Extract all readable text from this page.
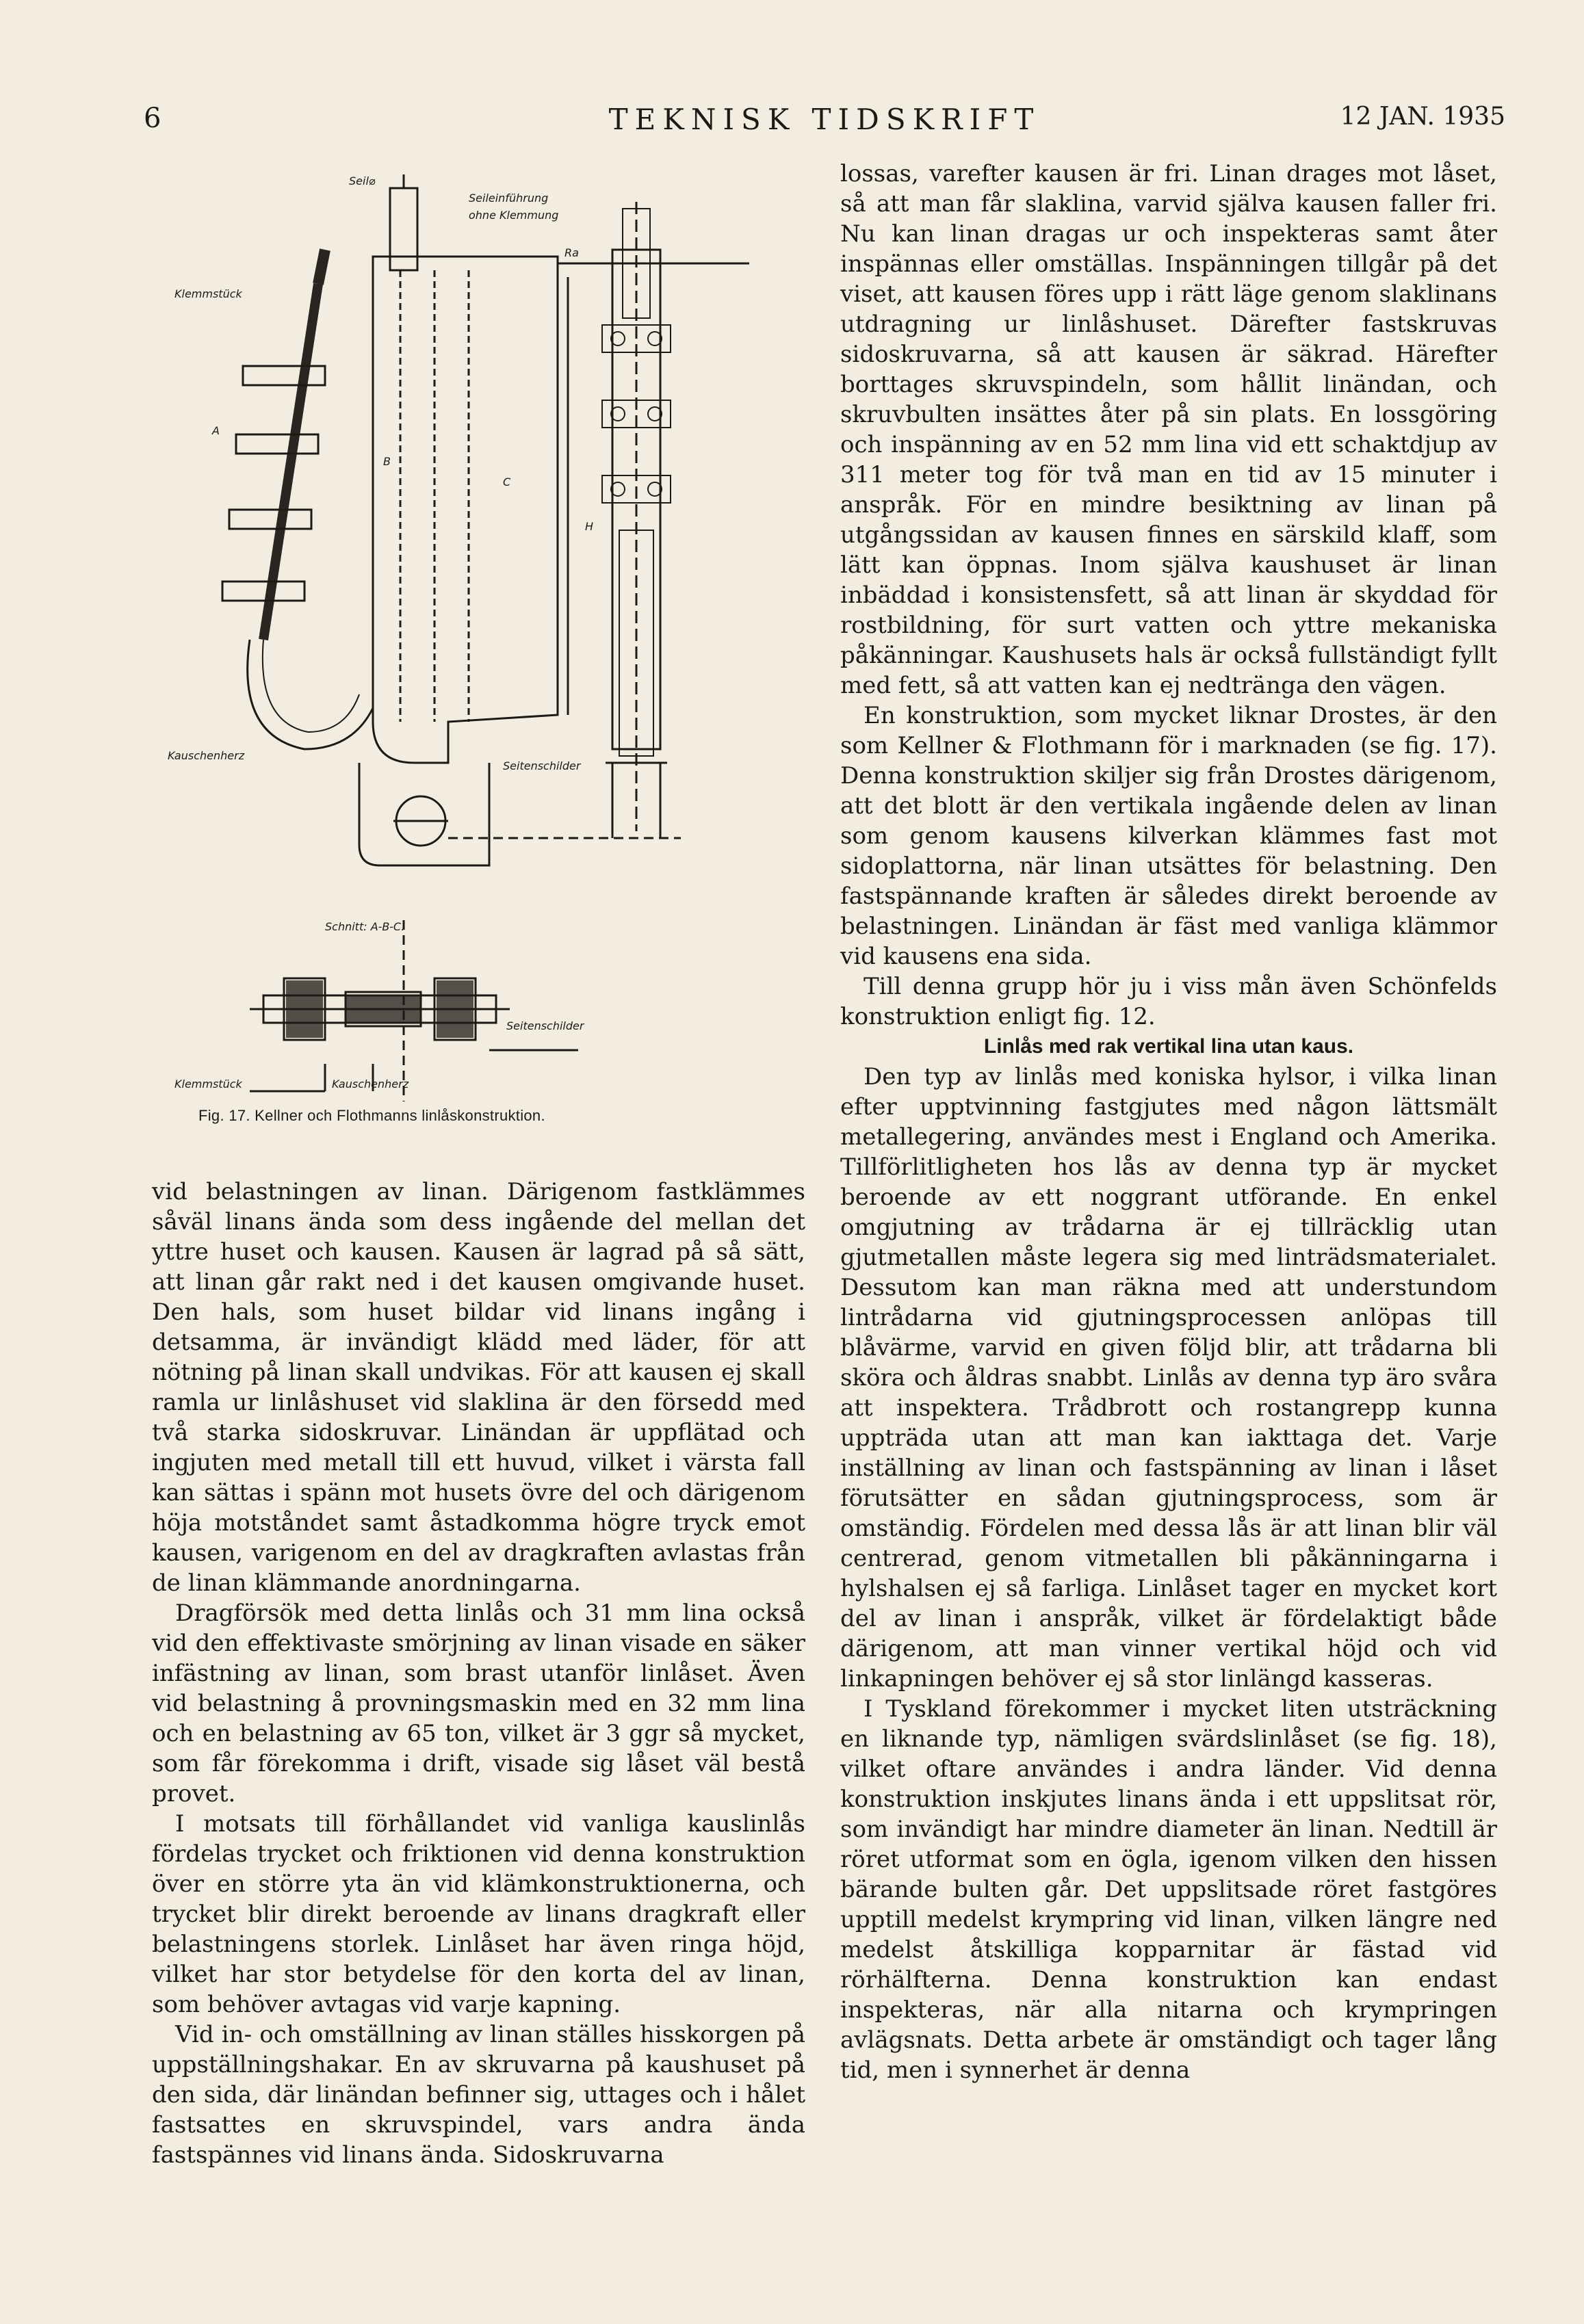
6	TEKNISK TIDSKRIFT	12 JAN. 1935
Seil⌀
Seileinführung
ohne Klemmung
Klemmstück
A
B
C
H
Ra
Kauschenherz
Seitenschilder
Schnitt: A-B-C.
Seitenschilder
Klemmstück	Kauschenherz
Fig. 17. Kellner och Flothmanns linlåskonstruktion.

vid belastningen av linan. Därigenom fastklämmes såväl linans ända som dess ingående del mellan det yttre huset och kausen. Kausen är lagrad på så sätt, att linan går rakt ned i det kausen omgivande huset. Den hals, som huset bildar vid linans ingång i detsamma, är invändigt klädd med läder, för att nötning på linan skall undvikas. För att kausen ej skall ramla ur linlåshuset vid slaklina är den försedd med två starka sidoskruvar. Linändan är uppflätad och ingjuten med metall till ett huvud, vilket i värsta fall kan sättas i spänn mot husets övre del och därigenom höja motståndet samt åstadkomma högre tryck emot kausen, varigenom en del av dragkraften avlastas från de linan klämmande anordningarna.

Dragförsök med detta linlås och 31 mm lina också vid den effektivaste smörjning av linan visade en säker infästning av linan, som brast utanför linlåset. Även vid belastning å provningsmaskin med en 32 mm lina och en belastning av 65 ton, vilket är 3 ggr så mycket, som får förekomma i drift, visade sig låset väl bestå provet.

I motsats till förhållandet vid vanliga kauslinlås fördelas trycket och friktionen vid denna konstruktion över en större yta än vid klämkonstruktionerna, och trycket blir direkt beroende av linans dragkraft eller belastningens storlek. Linlåset har även ringa höjd, vilket har stor betydelse för den korta del av linan, som behöver avtagas vid varje kapning.

Vid in- och omställning av linan ställes hisskorgen på uppställningshakar. En av skruvarna på kaushuset på den sida, där linändan befinner sig, uttages och i hålet fastsattes en skruvspindel, vars andra ända fastspännes vid linans ända. Sidoskruvarna

lossas, varefter kausen är fri. Linan drages mot låset, så att man får slaklina, varvid själva kausen faller fri. Nu kan linan dragas ur och inspekteras samt åter inspännas eller omställas. Inspänningen tillgår på det viset, att kausen föres upp i rätt läge genom slaklinans utdragning ur linlåshuset. Därefter fastskruvas sidoskruvarna, så att kausen är säkrad. Härefter borttages skruvspindeln, som hållit linändan, och skruvbulten insättes åter på sin plats. En lossgöring och inspänning av en 52 mm lina vid ett schaktdjup av 311 meter tog för två man en tid av 15 minuter i anspråk. För en mindre besiktning av linan på utgångssidan av kausen finnes en särskild klaff, som lätt kan öppnas. Inom själva kaushuset är linan inbäddad i konsistensfett, så att linan är skyddad för rostbildning, för surt vatten och yttre mekaniska påkänningar. Kaushusets hals är också fullständigt fyllt med fett, så att vatten kan ej nedtränga den vägen.

En konstruktion, som mycket liknar Drostes, är den som Kellner & Flothmann för i marknaden (se fig. 17). Denna konstruktion skiljer sig från Drostes därigenom, att det blott är den vertikala ingående delen av linan som genom kausens kilverkan klämmes fast mot sidoplattorna, när linan utsättes för belastning. Den fastspännande kraften är således direkt beroende av belastningen. Linändan är fäst med vanliga klämmor vid kausens ena sida.

Till denna grupp hör ju i viss mån även Schönfelds konstruktion enligt fig. 12.

Linlås med rak vertikal lina utan kaus.

Den typ av linlås med koniska hylsor, i vilka linan efter upptvinning fastgjutes med någon lättsmält metallegering, användes mest i England och Amerika. Tillförlitligheten hos lås av denna typ är mycket beroende av ett noggrant utförande. En enkel omgjutning av trådarna är ej tillräcklig utan gjutmetallen måste legera sig med linträdsmaterialet. Dessutom kan man räkna med att understundom lintrådarna vid gjutningsprocessen anlöpas till blåvärme, varvid en given följd blir, att trådarna bli sköra och åldras snabbt. Linlås av denna typ äro svåra att inspektera. Trådbrott och rostangrepp kunna uppträda utan att man kan iakttaga det. Varje inställning av linan och fastspänning av linan i låset förutsätter en sådan gjutningsprocess, som är omständig. Fördelen med dessa lås är att linan blir väl centrerad, genom vitmetallen bli påkänningarna i hylshalsen ej så farliga. Linlåset tager en mycket kort del av linan i anspråk, vilket är fördelaktigt både därigenom, att man vinner vertikal höjd och vid linkapningen behöver ej så stor linlängd kasseras.

I Tyskland förekommer i mycket liten utsträckning en liknande typ, nämligen svärdslinlåset (se fig. 18), vilket oftare användes i andra länder. Vid denna konstruktion inskjutes linans ända i ett uppslitsat rör, som invändigt har mindre diameter än linan. Nedtill är röret utformat som en ögla, igenom vilken den hissen bärande bulten går. Det uppslitsade röret fastgöres upptill medelst krympring vid linan, vilken längre ned medelst åtskilliga kopparnitar är fästad vid rörhälfterna. Denna konstruktion kan endast inspekteras, när alla nitarna och krympringen avlägsnats. Detta arbete är omständigt och tager lång tid, men i synnerhet är denna
